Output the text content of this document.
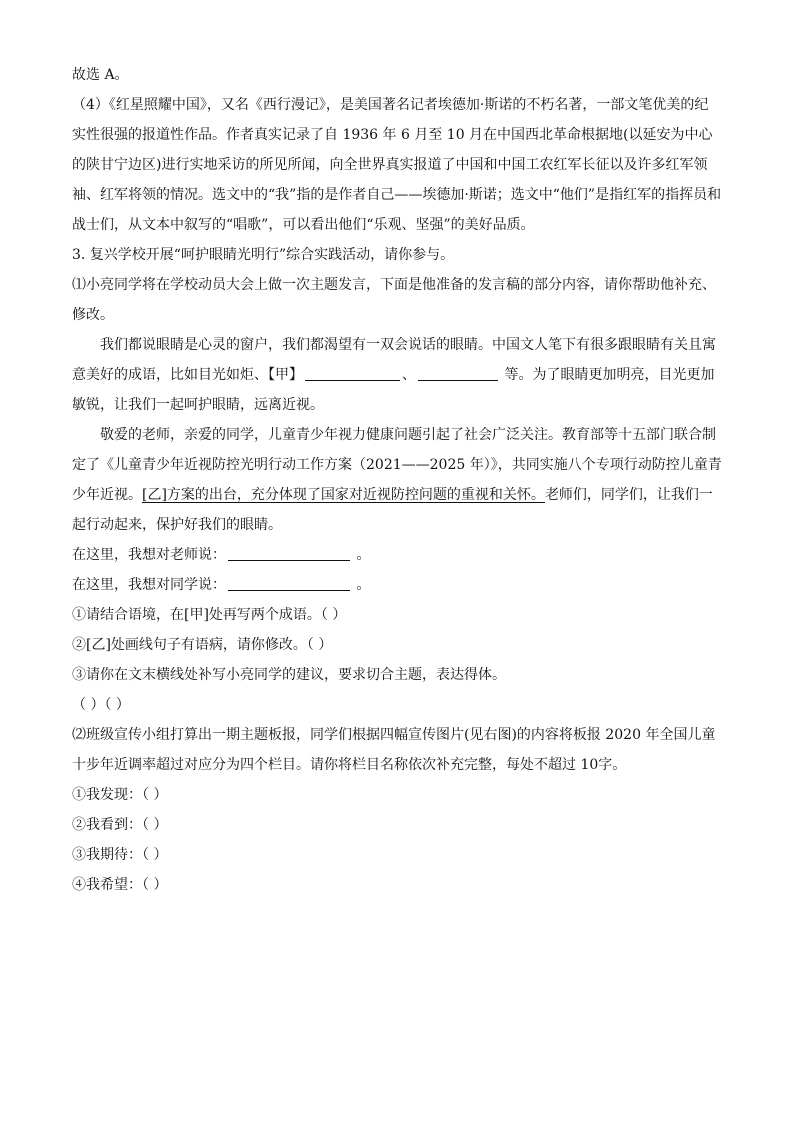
故选 A。

（4）《红星照耀中国》，又名《西行漫记》，是美国著名记者埃德加·斯诺的不朽名著，一部文笔优美的纪实性很强的报道性作品。作者真实记录了自 1936 年 6 月至 10 月在中国西北革命根据地(以延安为中心的陕甘宁边区)进行实地采访的所见所闻，向全世界真实报道了中国和中国工农红军长征以及许多红军领袖、红军将领的情况。选文中的“我”指的是作者自己——埃德加·斯诺；选文中“他们”是指红军的指挥员和战士们，从文本中叙写的“唱歌”，可以看出他们“乐观、坚强”的美好品质。

3. 复兴学校开展“呵护眼睛光明行”综合实践活动，请你参与。

⑴小亮同学将在学校动员大会上做一次主题发言，下面是他准备的发言稿的部分内容，请你帮助他补充、修改。

我们都说眼睛是心灵的窗户，我们都渴望有一双会说话的眼睛。中国文人笔下有很多跟眼睛有关且寓意美好的成语，比如目光如炬、【甲】	、	等。为了眼睛更加明亮，目光更加敏锐，让我们一起呵护眼睛，远离近视。

敬爱的老师，亲爱的同学，儿童青少年视力健康问题引起了社会广泛关注。教育部等十五部门联合制定了《儿童青少年近视防控光明行动工作方案（2021——2025 年）》，共同实施八个专项行动防控儿童青少年近视。[乙]方案的出台，充分体现了国家对近视防控问题的重视和关怀。老师们，同学们，让我们一起行动起来，保护好我们的眼睛。

在这里，我想对老师说：	。

在这里，我想对同学说：	。

①请结合语境，在[甲]处再写两个成语。（ ）

②[乙]处画线句子有语病，请你修改。（ ）

③请你在文末横线处补写小亮同学的建议，要求切合主题，表达得体。

（ ）（ ）

⑵班级宣传小组打算出一期主题板报，同学们根据四幅宣传图片(见右图)的内容将板报 2020 年全国儿童十步年近调率超过对应分为四个栏目。请你将栏目名称依次补充完整，每处不超过 10字。

①我发现：（ ）

②我看到：（ ）

③我期待：（ ）

④我希望：（ ）
